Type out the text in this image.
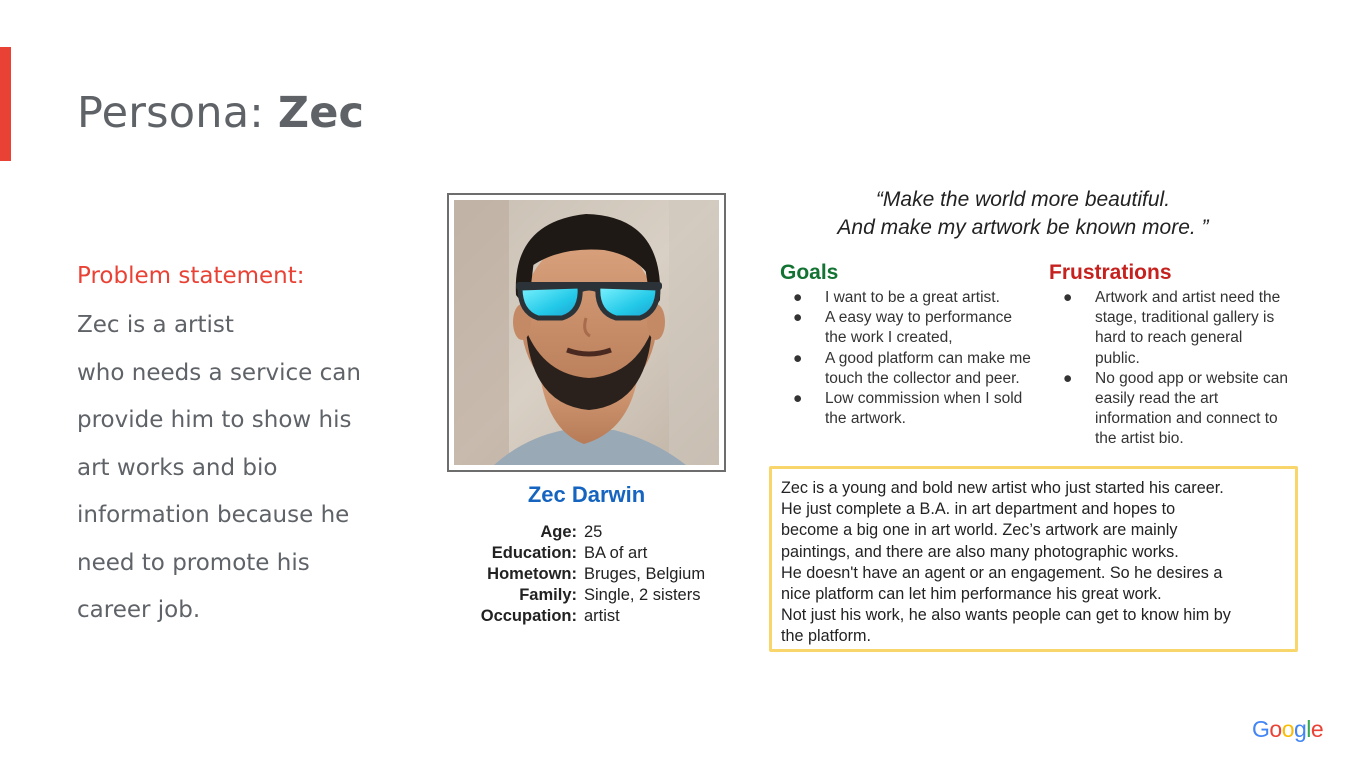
Persona: Zec
Problem statement:
Zec is a artist
who needs a service can
provide him to show his
art works and bio
information because he
need to promote his
career job.
Zec Darwin
Age: 25
Education: BA of art
Hometown: Bruges, Belgium
Family: Single, 2 sisters
Occupation: artist
“Make the world more beautiful.
And make my artwork be known more. ”
Goals
● I want to be a great artist.
● A easy way to performance the work I created,
● A good platform can make me touch the collector and peer.
● Low commission when I sold the artwork.
Frustrations
● Artwork and artist need the stage, traditional gallery is hard to reach general public.
● No good app or website can easily read the art information and connect to the artist bio.
Zec is a young and bold new artist who just started his career.
He just complete a B.A. in art department and hopes to
become a big one in art world. Zec’s artwork are mainly
paintings, and there are also many photographic works.
He doesn't have an agent or an engagement. So he desires a
nice platform can let him performance his great work.
Not just his work, he also wants people can get to know him by
the platform.
Google
